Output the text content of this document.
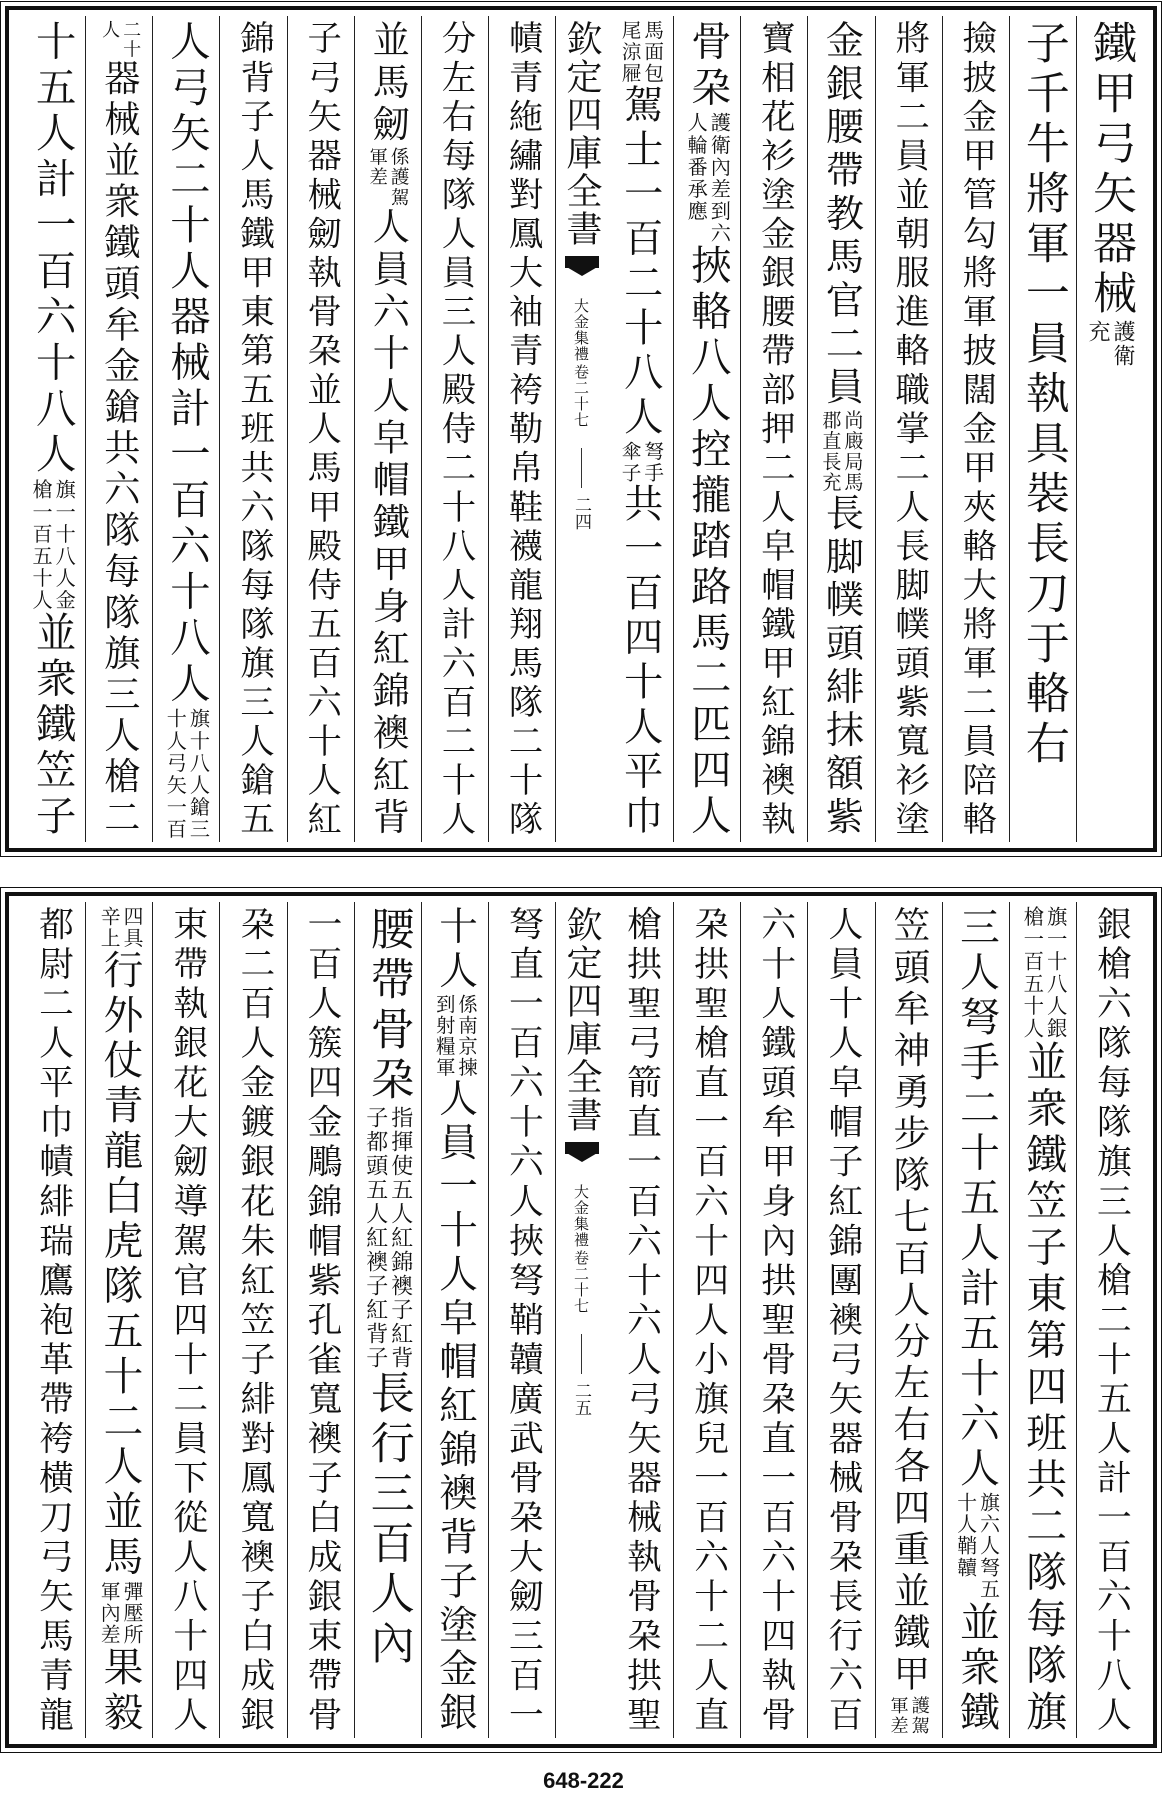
鐵甲弓矢器械
護衛
充
子千牛將軍一員執具裝長刀于輅右
撿披金甲管勾將軍披闊金甲夾輅大將軍二員陪輅
將軍二員並朝服進輅職掌二人長脚幞頭紫寬衫塗
金銀腰帶教馬官二員
尚廄局馬
郡直長充
長脚幞頭緋抹額紫
寶相花衫塗金銀腰帶部押二人皁帽鐵甲紅錦襖執
骨朶
護衛內差到六
人輪番承應
挾輅八人控攏踏路馬二匹四人
馬面包
尾涼屜
駕士一百二十八人
弩手
傘子
共一百四十人平巾
欽定四庫全書
大金集禮
卷二十七
二四
幘青絁繡對鳳大袖青袴勒帛鞋襪龍翔馬隊二十隊
分左右每隊人員三人殿侍二十八人計六百二十人
並馬劒
係護駕
軍差
人員六十人皁帽鐵甲身紅錦襖紅背
子弓矢器械劒執骨朶並人馬甲殿侍五百六十人紅
錦背子人馬鐵甲東第五班共六隊每隊旗三人鎗五
人弓矢二十人器械計一百六十八人
旗十八人鎗三
十人弓矢一百
二十
人
器械並衆鐵頭牟金鎗共六隊每隊旗三人槍二
十五人計一百六十八人
旗一十八人金
槍一百五十人
並衆鐵笠子
銀槍六隊每隊旗三人槍二十五人計一百六十八人
旗一十八人銀
槍一百五十人
並衆鐵笠子東第四班共二隊每隊旗
三人弩手二十五人計五十六人
旗六人弩五
十人鞘韥
並衆鐵
笠頭牟神勇步隊七百人分左右各四重並鐵甲
護駕
軍差
人員十人皁帽子紅錦團襖弓矢器械骨朶長行六百
六十人鐵頭牟甲身內拱聖骨朶直一百六十四執骨
朶拱聖槍直一百六十四人小旗兒一百六十二人直
槍拱聖弓箭直一百六十六人弓矢器械執骨朶拱聖
欽定四庫全書
大金集禮
卷二十七
二五
弩直一百六十六人挾弩鞘韥廣武骨朶大劒三百一
十人
係南京揀
到射糧軍
人員一十人皁帽紅錦襖背子塗金銀
腰帶骨朶
指揮使五人紅錦襖子紅背
子都頭五人紅襖子紅背子
長行三百人內
一百人簇四金鵰錦帽紫孔雀寬襖子白成銀束帶骨
朶二百人金鍍銀花朱紅笠子緋對鳳寬襖子白成銀
束帶執銀花大劒導駕官四十二員下從人八十四人
四具
辛上
行外仗青龍白虎隊五十二人並馬
彈壓所
軍內差
果毅
都尉二人平巾幘緋瑞鷹袍革帶袴横刀弓矢馬青龍
648-222
